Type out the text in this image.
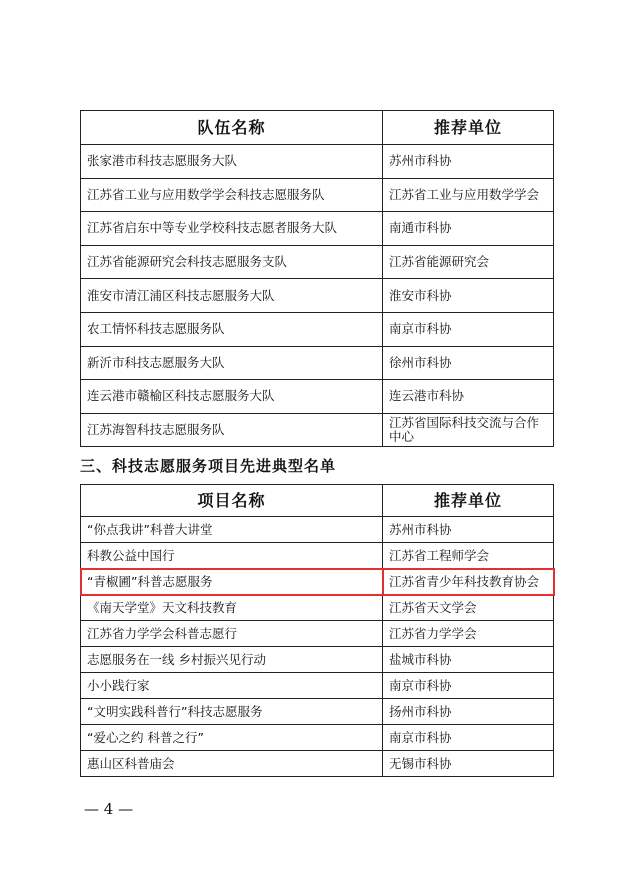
队伍名称	推荐单位
张家港市科技志愿服务大队	苏州市科协
江苏省工业与应用数学学会科技志愿服务队	江苏省工业与应用数学学会
江苏省启东中等专业学校科技志愿者服务大队	南通市科协
江苏省能源研究会科技志愿服务支队	江苏省能源研究会
淮安市清江浦区科技志愿服务大队	淮安市科协
农工情怀科技志愿服务队	南京市科协
新沂市科技志愿服务大队	徐州市科协
连云港市赣榆区科技志愿服务大队	连云港市科协
江苏海智科技志愿服务队	江苏省国际科技交流与合作中心
三、科技志愿服务项目先进典型名单
项目名称	推荐单位
“你点我讲”科普大讲堂	苏州市科协
科教公益中国行	江苏省工程师学会
“青椒圃”科普志愿服务	江苏省青少年科技教育协会
《南天学堂》天文科技教育	江苏省天文学会
江苏省力学学会科普志愿行	江苏省力学学会
志愿服务在一线 乡村振兴见行动	盐城市科协
小小践行家	南京市科协
“文明实践科普行”科技志愿服务	扬州市科协
“爱心之约 科普之行”	南京市科协
惠山区科普庙会	无锡市科协
— 4 —
